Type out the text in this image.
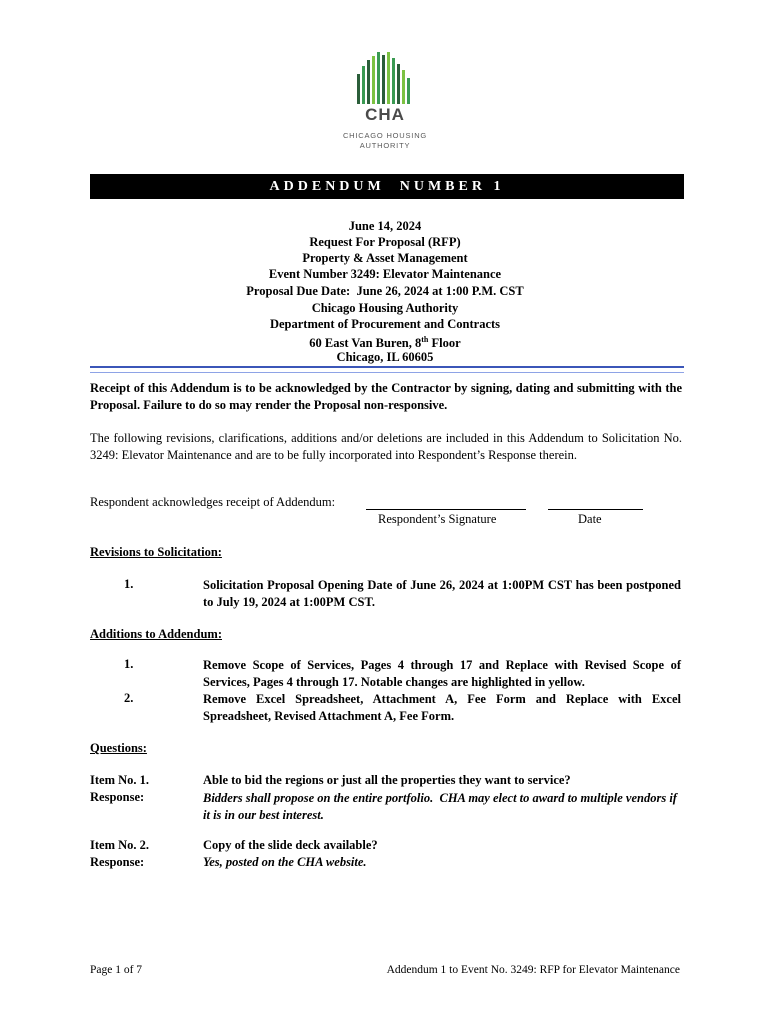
CHA
CHICAGO HOUSING
AUTHORITY
ADDENDUM  NUMBER 1
June 14, 2024
Request For Proposal (RFP)
Property & Asset Management
Event Number 3249: Elevator Maintenance
Proposal Due Date:  June 26, 2024 at 1:00 P.M. CST
Chicago Housing Authority
Department of Procurement and Contracts
60 East Van Buren, 8th Floor
Chicago, IL 60605
Receipt of this Addendum is to be acknowledged by the Contractor by signing, dating and submitting with the Proposal. Failure to do so may render the Proposal non-responsive.
The following revisions, clarifications, additions and/or deletions are included in this Addendum to Solicitation No. 3249: Elevator Maintenance and are to be fully incorporated into Respondent’s Response therein.
Respondent acknowledges receipt of Addendum:
Respondent’s Signature	Date
Revisions to Solicitation:
1.	Solicitation Proposal Opening Date of June 26, 2024 at 1:00PM CST has been postponed to July 19, 2024 at 1:00PM CST.
Additions to Addendum:
1.	Remove Scope of Services, Pages 4 through 17 and Replace with Revised Scope of Services, Pages 4 through 17. Notable changes are highlighted in yellow.
2.	Remove Excel Spreadsheet, Attachment A, Fee Form and Replace with Excel Spreadsheet, Revised Attachment A, Fee Form.
Questions:
Item No. 1.	Able to bid the regions or just all the properties they want to service?
Response:	Bidders shall propose on the entire portfolio.  CHA may elect to award to multiple vendors if it is in our best interest.
Item No. 2.	Copy of the slide deck available?
Response:	Yes, posted on the CHA website.
Page 1 of 7	Addendum 1 to Event No. 3249: RFP for Elevator Maintenance
